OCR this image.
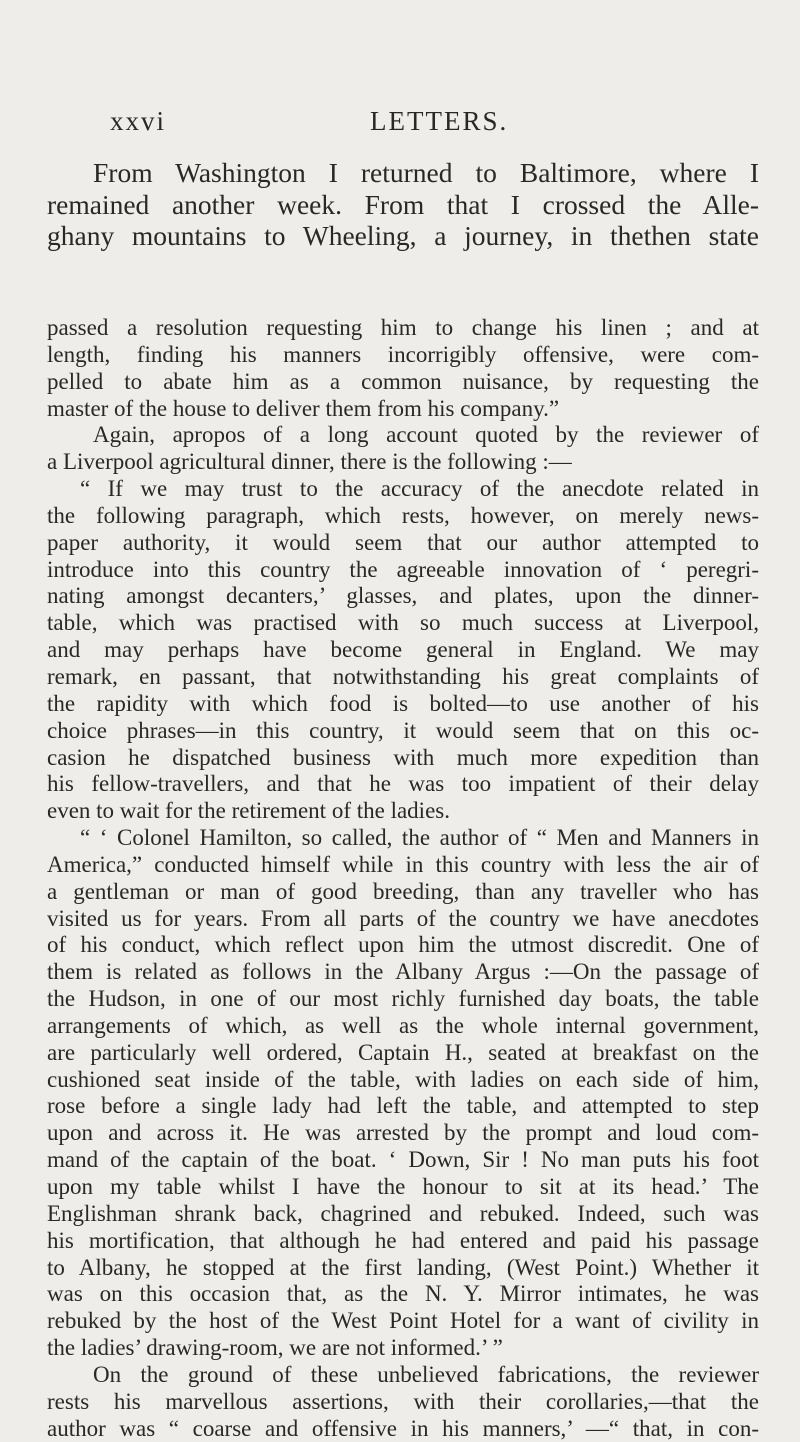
xxvi	LETTERS.
From Washington I returned to Baltimore, where I
remained another week. From that I crossed the Alle-
ghany mountains to Wheeling, a journey, in thethen state
passed a resolution requesting him to change his linen ; and at
length, finding his manners incorrigibly offensive, were com-
pelled to abate him as a common nuisance, by requesting the
master of the house to deliver them from his company.”
Again, apropos of a long account quoted by the reviewer of
a Liverpool agricultural dinner, there is the following :—
“ If we may trust to the accuracy of the anecdote related in
the following paragraph, which rests, however, on merely news-
paper authority, it would seem that our author attempted to
introduce into this country the agreeable innovation of ‘ peregri-
nating amongst decanters,’ glasses, and plates, upon the dinner-
table, which was practised with so much success at Liverpool,
and may perhaps have become general in England. We may
remark, en passant, that notwithstanding his great complaints of
the rapidity with which food is bolted—to use another of his
choice phrases—in this country, it would seem that on this oc-
casion he dispatched business with much more expedition than
his fellow-travellers, and that he was too impatient of their delay
even to wait for the retirement of the ladies.
“ ‘ Colonel Hamilton, so called, the author of “ Men and Manners in
America,” conducted himself while in this country with less the air of
a gentleman or man of good breeding, than any traveller who has
visited us for years. From all parts of the country we have anecdotes
of his conduct, which reflect upon him the utmost discredit. One of
them is related as follows in the Albany Argus :—On the passage of
the Hudson, in one of our most richly furnished day boats, the table
arrangements of which, as well as the whole internal government,
are particularly well ordered, Captain H., seated at breakfast on the
cushioned seat inside of the table, with ladies on each side of him,
rose before a single lady had left the table, and attempted to step
upon and across it. He was arrested by the prompt and loud com-
mand of the captain of the boat. ‘ Down, Sir ! No man puts his foot
upon my table whilst I have the honour to sit at its head.’ The
Englishman shrank back, chagrined and rebuked. Indeed, such was
his mortification, that although he had entered and paid his passage
to Albany, he stopped at the first landing, (West Point.) Whether it
was on this occasion that, as the N. Y. Mirror intimates, he was
rebuked by the host of the West Point Hotel for a want of civility in
the ladies’ drawing-room, we are not informed.’ ”
On the ground of these unbelieved fabrications, the reviewer
rests his marvellous assertions, with their corollaries,—that the
author was “ coarse and offensive in his manners,’ —“ that, in con-
